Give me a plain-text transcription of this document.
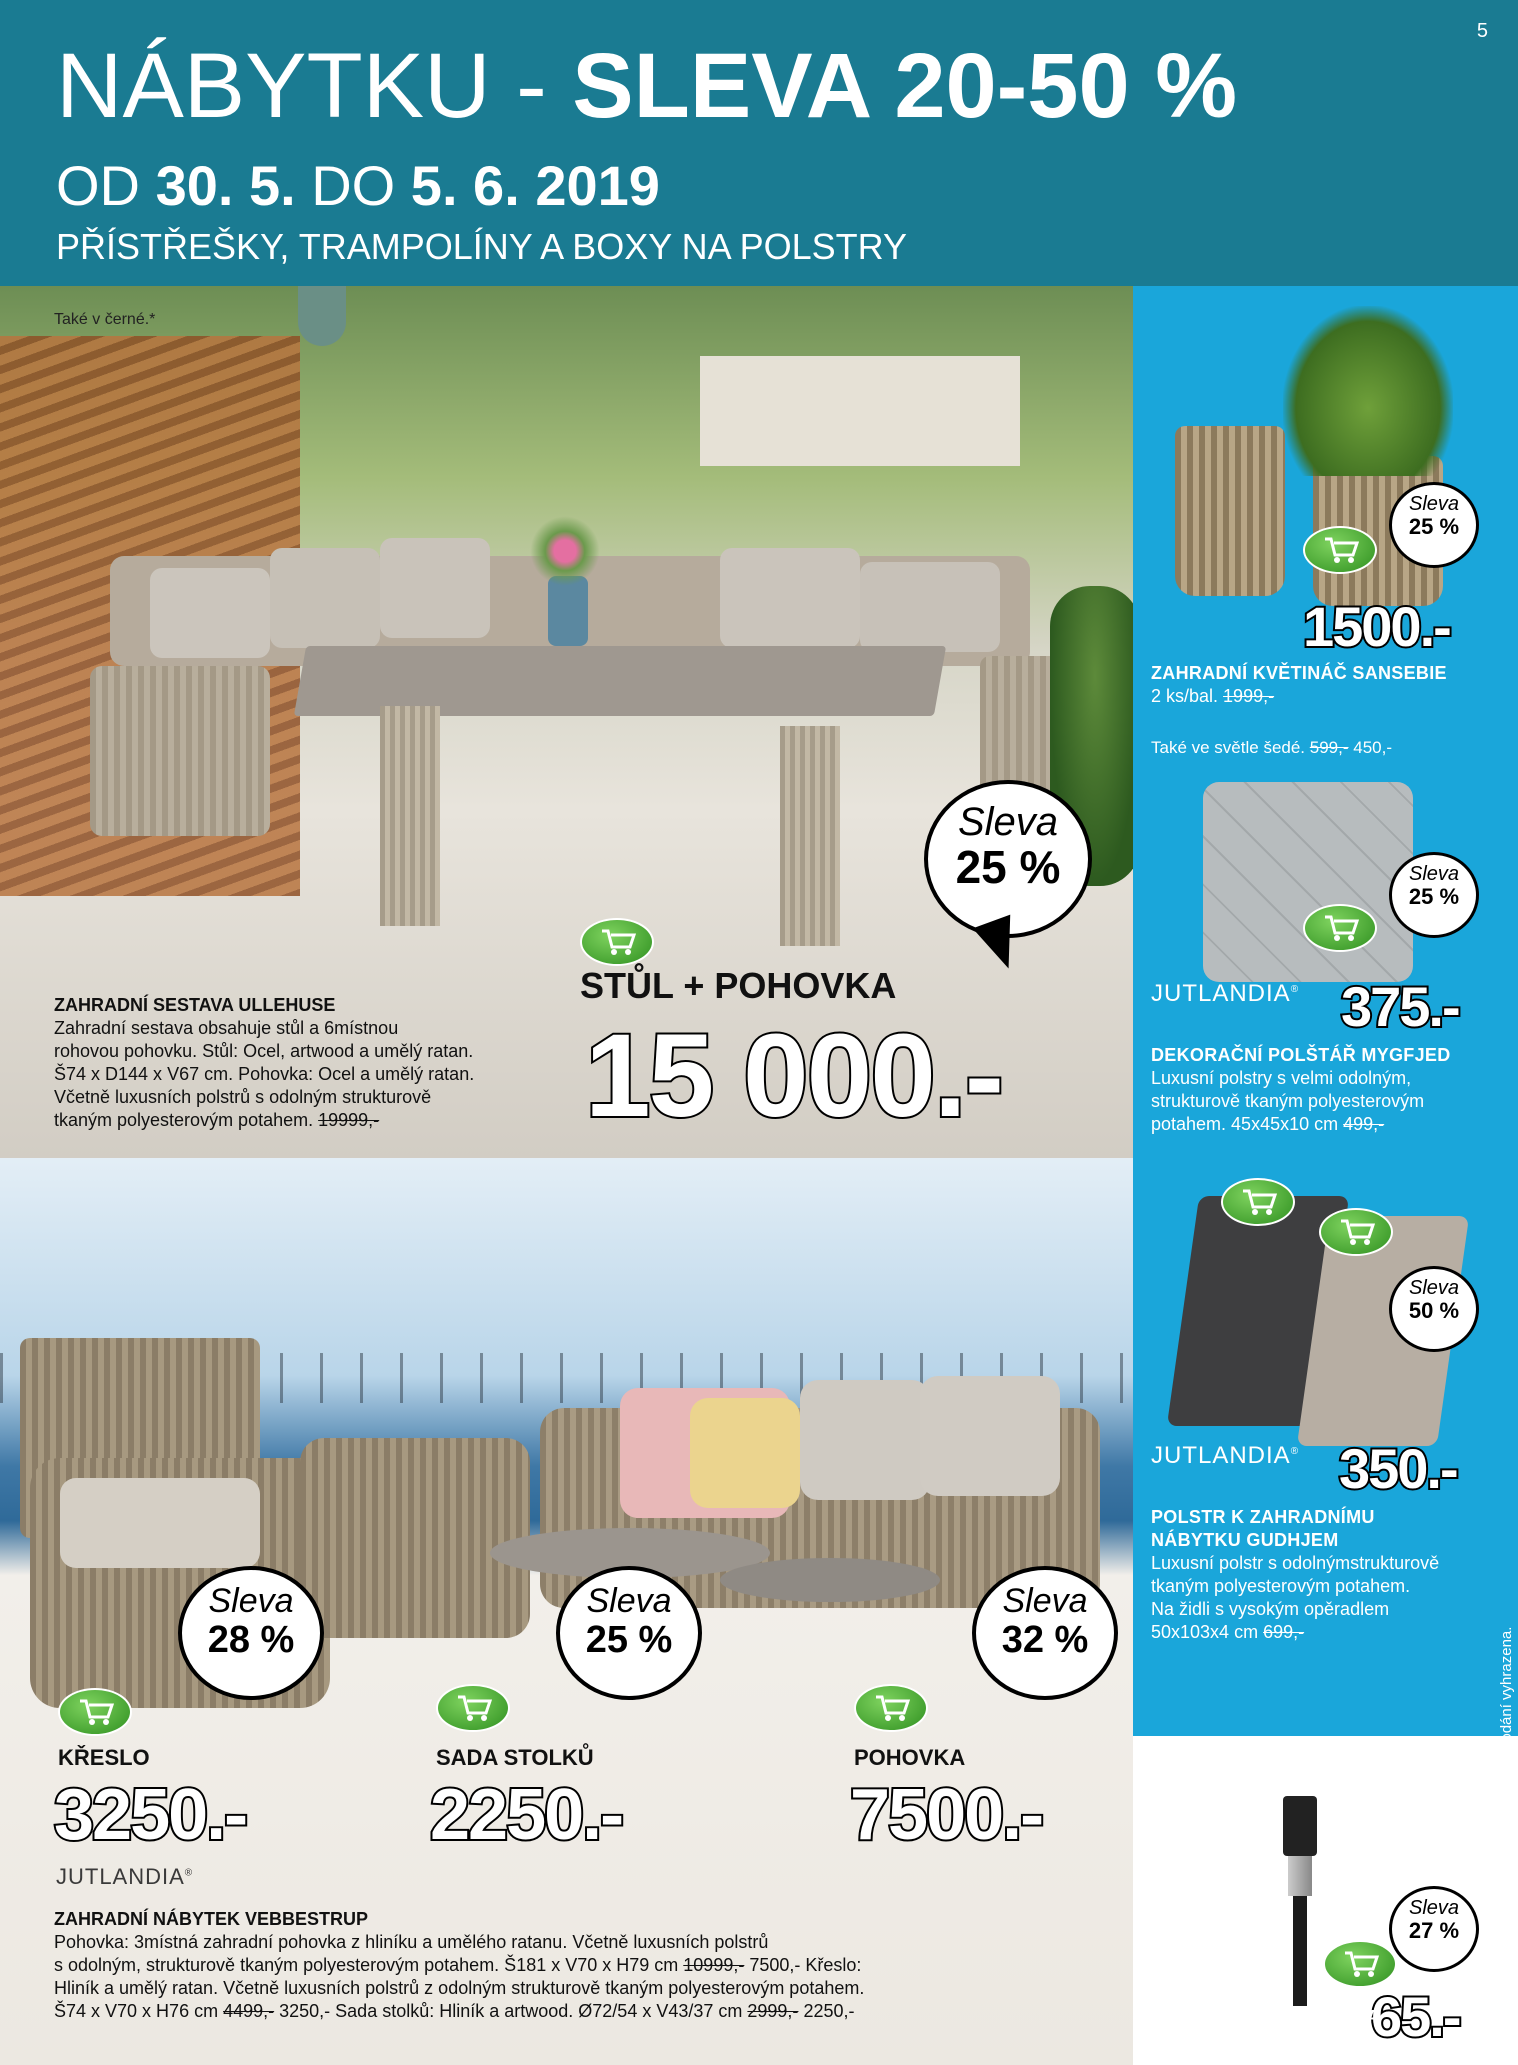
5
NÁBYTKU - SLEVA 20-50 %
OD 30. 5. DO 5. 6. 2019
PŘÍSTŘEŠKY, TRAMPOLÍNY A BOXY NA POLSTRY
Také v černé.*
Sleva
25 %
STŮL + POHOVKA
15 000.-
ZAHRADNÍ SESTAVA ULLEHUSE
Zahradní sestava obsahuje stůl a 6místnou
rohovou pohovku. Stůl: Ocel, artwood a umělý ratan.
Š74 x D144 x V67 cm. Pohovka: Ocel a umělý ratan.
Včetně luxusních polstrů s odolným strukturově
tkaným polyesterovým potahem. 19999,-
Sleva
28 %
Sleva
25 %
Sleva
32 %
KŘESLO	SADA STOLKŮ	POHOVKA
3250.-	2250.-	7500.-
JUTLANDIA®
ZAHRADNÍ NÁBYTEK VEBBESTRUP
Pohovka: 3místná zahradní pohovka z hliníku a umělého ratanu. Včetně luxusních polstrů
s odolným, strukturově tkaným polyesterovým potahem. Š181 x V70 x H79 cm 10999,- 7500,- Křeslo:
Hliník a umělý ratan. Včetně luxusních polstrů z odolným strukturově tkaným polyesterovým potahem.
Š74 x V70 x H76 cm 4499,- 3250,- Sada stolků: Hliník a artwood. Ø72/54 x V43/37 cm 2999,- 2250,-
Sleva
25 %
1500.-
ZAHRADNÍ KVĚTINÁČ SANSEBIE
2 ks/bal. 1999,-
Také ve světle šedé. 599,- 450,-
Sleva
25 %
JUTLANDIA® 375.-
DEKORAČNÍ POLŠTÁŘ MYGFJED
Luxusní polstry s velmi odolným,
strukturově tkaným polyesterovým
potahem. 45x45x10 cm 499,-
Sleva
50 %
JUTLANDIA® 350.-
POLSTR K ZAHRADNÍMU
NÁBYTKU GUDHJEM
Luxusní polstr s odolnýmstrukturově
tkaným polyesterovým potahem.
Na židli s vysokým opěradlem
50x103x4 cm 699,-
Sleva
27 %
65.-
SOLÁRNÍ LAMPA KRICKA
Ø5xV53 cm 89,-	*Zboží na objednávku - možnost pozdějšího dodání vyhrazena.
